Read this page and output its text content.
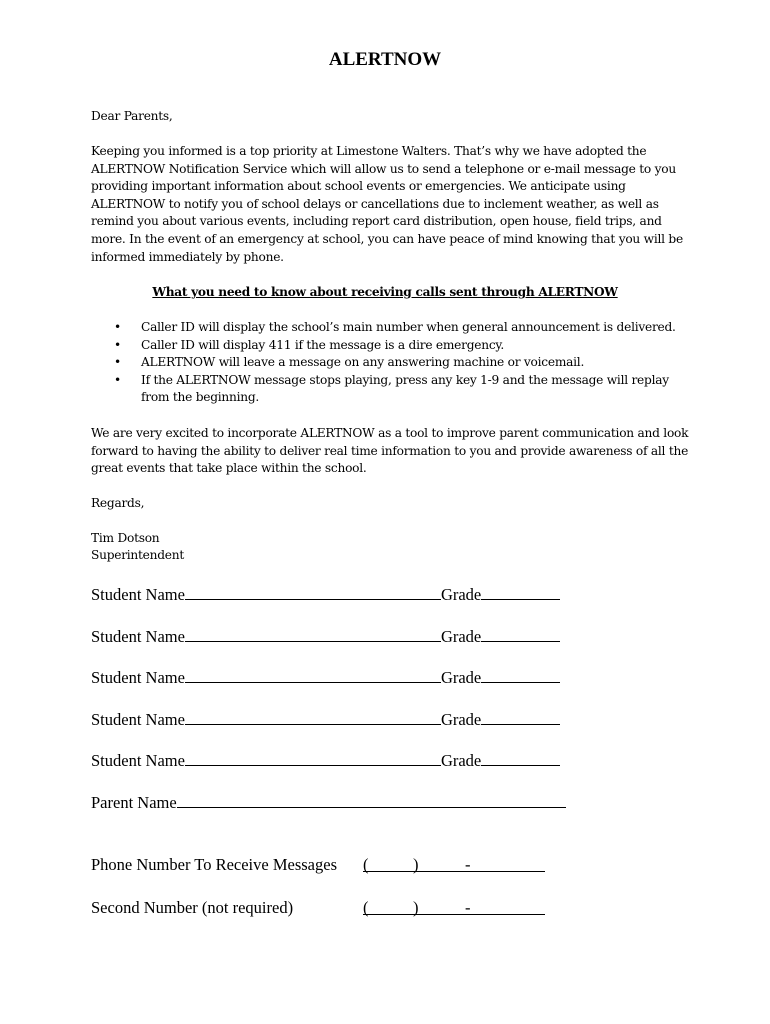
ALERTNOW

Dear Parents,

Keeping you informed is a top priority at Limestone Walters. That’s why we have adopted the ALERTNOW Notification Service which will allow us to send a telephone or e-mail message to you providing important information about school events or emergencies. We anticipate using ALERTNOW to notify you of school delays or cancellations due to inclement weather, as well as remind you about various events, including report card distribution, open house, field trips, and more. In the event of an emergency at school, you can have peace of mind knowing that you will be informed immediately by phone.

What you need to know about receiving calls sent through ALERTNOW

• Caller ID will display the school’s main number when general announcement is delivered.
• Caller ID will display 411 if the message is a dire emergency.
• ALERTNOW will leave a message on any answering machine or voicemail.
• If the ALERTNOW message stops playing, press any key 1-9 and the message will replay from the beginning.

We are very excited to incorporate ALERTNOW as a tool to improve parent communication and look forward to having the ability to deliver real time information to you and provide awareness of all the great events that take place within the school.

Regards,

Tim Dotson

Superintendent

Student Name	Grade
Student Name	Grade
Student Name	Grade
Student Name	Grade
Student Name	Grade
Parent Name
Phone Number To Receive Messages (	)	-
Second Number (not required)	(	)	-
